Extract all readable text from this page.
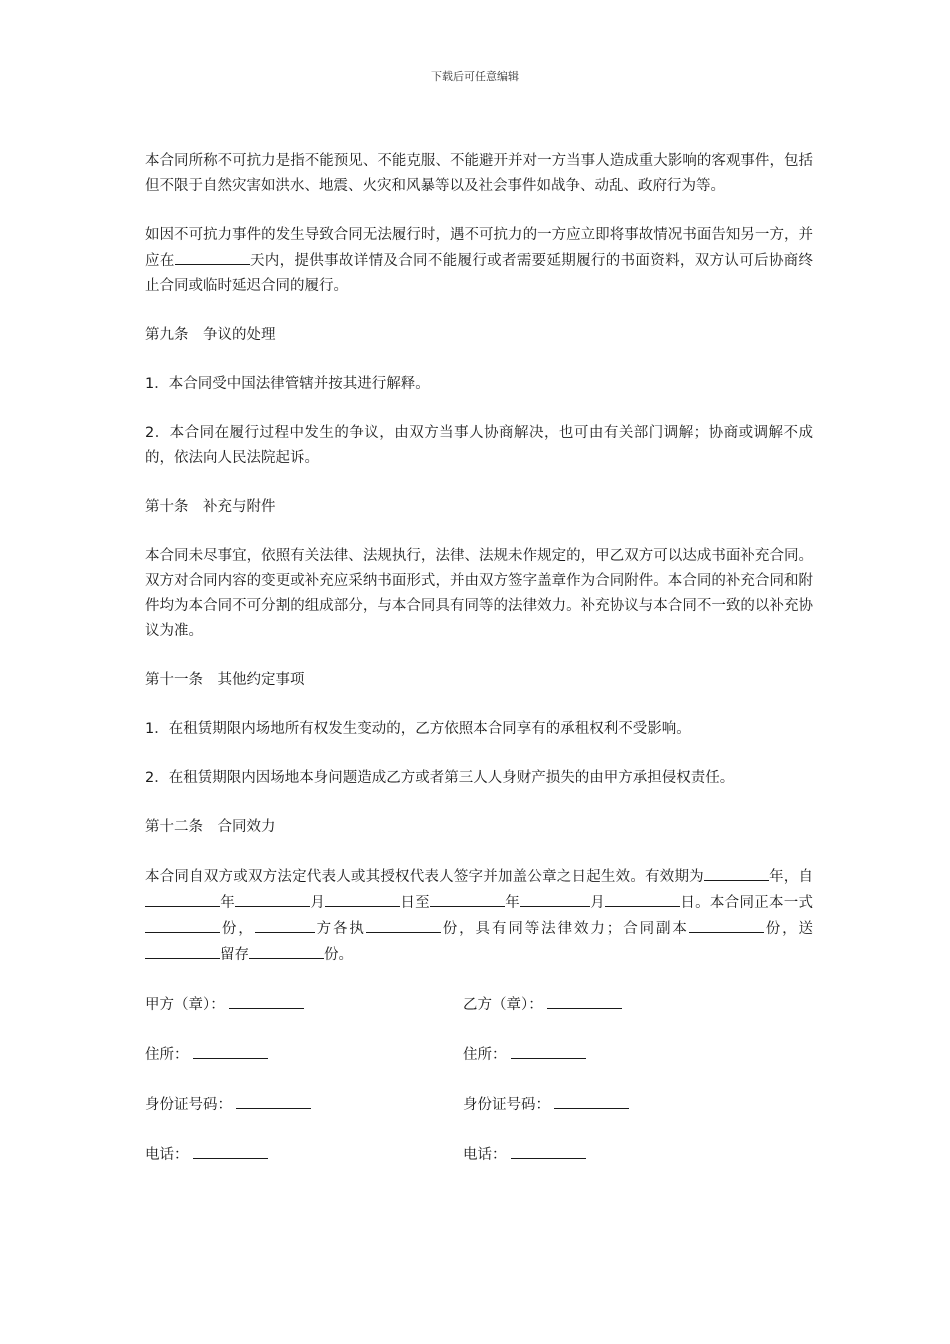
下载后可任意编辑

本合同所称不可抗力是指不能预见、不能克服、不能避开并对一方当事人造成重大影响的客观事件，包括但不限于自然灾害如洪水、地震、火灾和风暴等以及社会事件如战争、动乱、政府行为等。

如因不可抗力事件的发生导致合同无法履行时，遇不可抗力的一方应立即将事故情况书面告知另一方，并应在	天内，提供事故详情及合同不能履行或者需要延期履行的书面资料，双方认可后协商终止合同或临时延迟合同的履行。

第九条　争议的处理

1．本合同受中国法律管辖并按其进行解释。

2．本合同在履行过程中发生的争议，由双方当事人协商解决，也可由有关部门调解；协商或调解不成的，依法向人民法院起诉。

第十条　补充与附件

本合同未尽事宜，依照有关法律、法规执行，法律、法规未作规定的，甲乙双方可以达成书面补充合同。双方对合同内容的变更或补充应采纳书面形式，并由双方签字盖章作为合同附件。本合同的补充合同和附件均为本合同不可分割的组成部分，与本合同具有同等的法律效力。补充协议与本合同不一致的以补充协议为准。

第十一条　其他约定事项

1．在租赁期限内场地所有权发生变动的，乙方依照本合同享有的承租权利不受影响。

2．在租赁期限内因场地本身问题造成乙方或者第三人人身财产损失的由甲方承担侵权责任。

第十二条　合同效力

本合同自双方或双方法定代表人或其授权代表人签字并加盖公章之日起生效。有效期为	年，自年	月	日至	年	月	日。本合同正本一式份，	方各执	份，具有同等法律效力；合同副本	份，送留存	份。

甲方（章）：	乙方（章）：
住所：	住所：
身份证号码：	身份证号码：
电话：	电话：
